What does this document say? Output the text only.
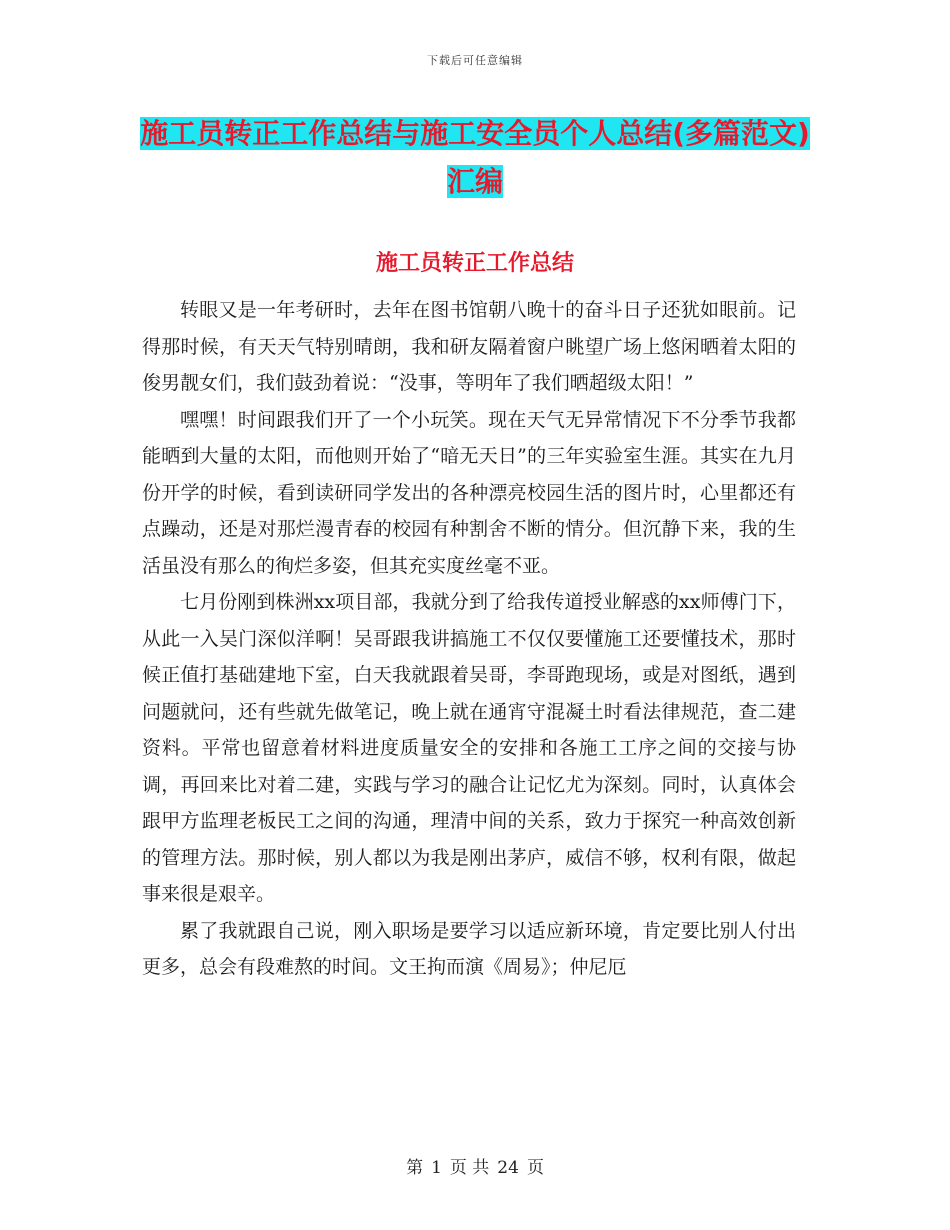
下载后可任意编辑
施工员转正工作总结与施工安全员个人总结(多篇范文)汇编
施工员转正工作总结

转眼又是一年考研时，去年在图书馆朝八晚十的奋斗日子还犹如眼前。记得那时候，有天天气特别晴朗，我和研友隔着窗户眺望广场上悠闲晒着太阳的俊男靓女们，我们鼓劲着说：“没事，等明年了我们晒超级太阳！”

嘿嘿！时间跟我们开了一个小玩笑。现在天气无异常情况下不分季节我都能晒到大量的太阳，而他则开始了“暗无天日”的三年实验室生涯。其实在九月份开学的时候，看到读研同学发出的各种漂亮校园生活的图片时，心里都还有点躁动，还是对那烂漫青春的校园有种割舍不断的情分。但沉静下来，我的生活虽没有那么的徇烂多姿，但其充实度丝毫不亚。

七月份刚到株洲xx项目部，我就分到了给我传道授业解惑的xx师傅门下，从此一入吴门深似洋啊！吴哥跟我讲搞施工不仅仅要懂施工还要懂技术，那时候正值打基础建地下室，白天我就跟着吴哥，李哥跑现场，或是对图纸，遇到问题就问，还有些就先做笔记，晚上就在通宵守混凝土时看法律规范，查二建资料。平常也留意着材料进度质量安全的安排和各施工工序之间的交接与协调，再回来比对着二建，实践与学习的融合让记忆尤为深刻。同时，认真体会跟甲方监理老板民工之间的沟通，理清中间的关系，致力于探究一种高效创新的管理方法。那时候，别人都以为我是刚出茅庐，威信不够，权利有限，做起事来很是艰辛。

累了我就跟自己说，刚入职场是要学习以适应新环境，肯定要比别人付出更多，总会有段难熬的时间。文王拘而演《周易》；仲尼厄

第 1 页 共 24 页
